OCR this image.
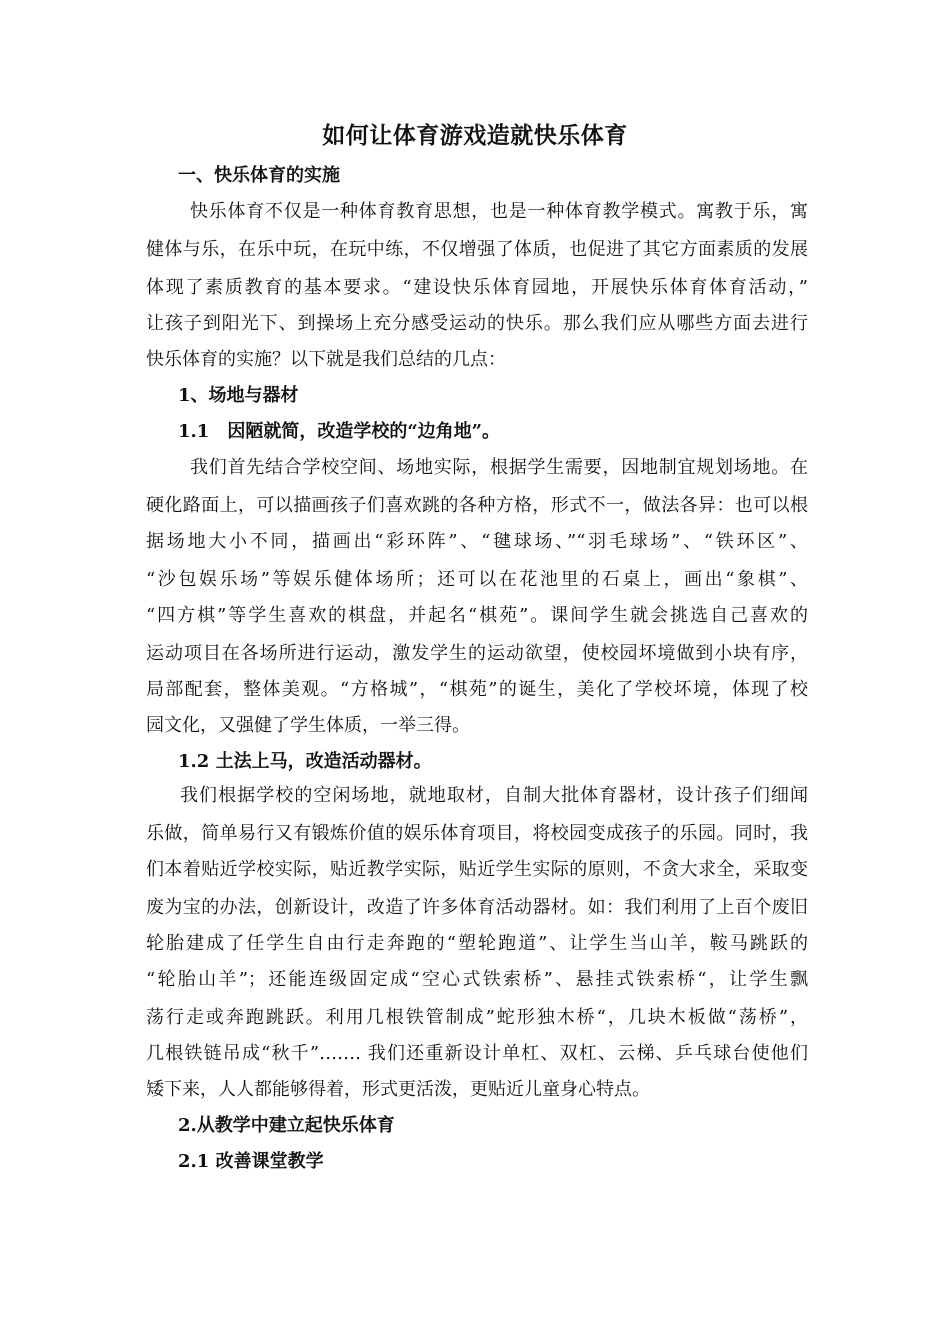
如何让体育游戏造就快乐体育
一、快乐体育的实施
快乐体育不仅是一种体育教育思想，也是一种体育教学模式。寓教于乐，寓
健体与乐，在乐中玩，在玩中练，不仅增强了体质，也促进了其它方面素质的发展
体现了素质教育的基本要求。“建设快乐体育园地，开展快乐体育体育活动，”
让孩子到阳光下、到操场上充分感受运动的快乐。那么我们应从哪些方面去进行
快乐体育的实施？以下就是我们总结的几点：
1、场地与器材
1.1　因陋就简，改造学校的“边角地”。
我们首先结合学校空间、场地实际，根据学生需要，因地制宜规划场地。在
硬化路面上，可以描画孩子们喜欢跳的各种方格，形式不一，做法各异：也可以根
据场地大小不同，描画出“彩环阵”、“毽球场、”“羽毛球场”、“铁环区”、
“沙包娱乐场”等娱乐健体场所；还可以在花池里的石桌上，画出“象棋”、
“四方棋”等学生喜欢的棋盘，并起名“棋苑”。课间学生就会挑选自己喜欢的
运动项目在各场所进行运动，激发学生的运动欲望，使校园坏境做到小块有序，
局部配套，整体美观。“方格城”，“棋苑”的诞生，美化了学校坏境，体现了校
园文化，又强健了学生体质，一举三得。
1.2 土法上马，改造活动器材。
我们根据学校的空闲场地，就地取材，自制大批体育器材，设计孩子们细闻
乐做，简单易行又有锻炼价值的娱乐体育项目，将校园变成孩子的乐园。同时，我
们本着贴近学校实际，贴近教学实际，贴近学生实际的原则，不贪大求全，采取变
废为宝的办法，创新设计，改造了许多体育活动器材。如：我们利用了上百个废旧
轮胎建成了任学生自由行走奔跑的“塑轮跑道”、让学生当山羊，鞍马跳跃的
“轮胎山羊”；还能连级固定成“空心式铁索桥”、悬挂式铁索桥“，让学生飘
荡行走或奔跑跳跃。利用几根铁管制成”蛇形独木桥“，几块木板做“荡桥”，
几根铁链吊成“秋千”……. 我们还重新设计单杠、双杠、云梯、乒乓球台使他们
矮下来，人人都能够得着，形式更活泼，更贴近儿童身心特点。
2.从教学中建立起快乐体育
2.1 改善课堂教学
